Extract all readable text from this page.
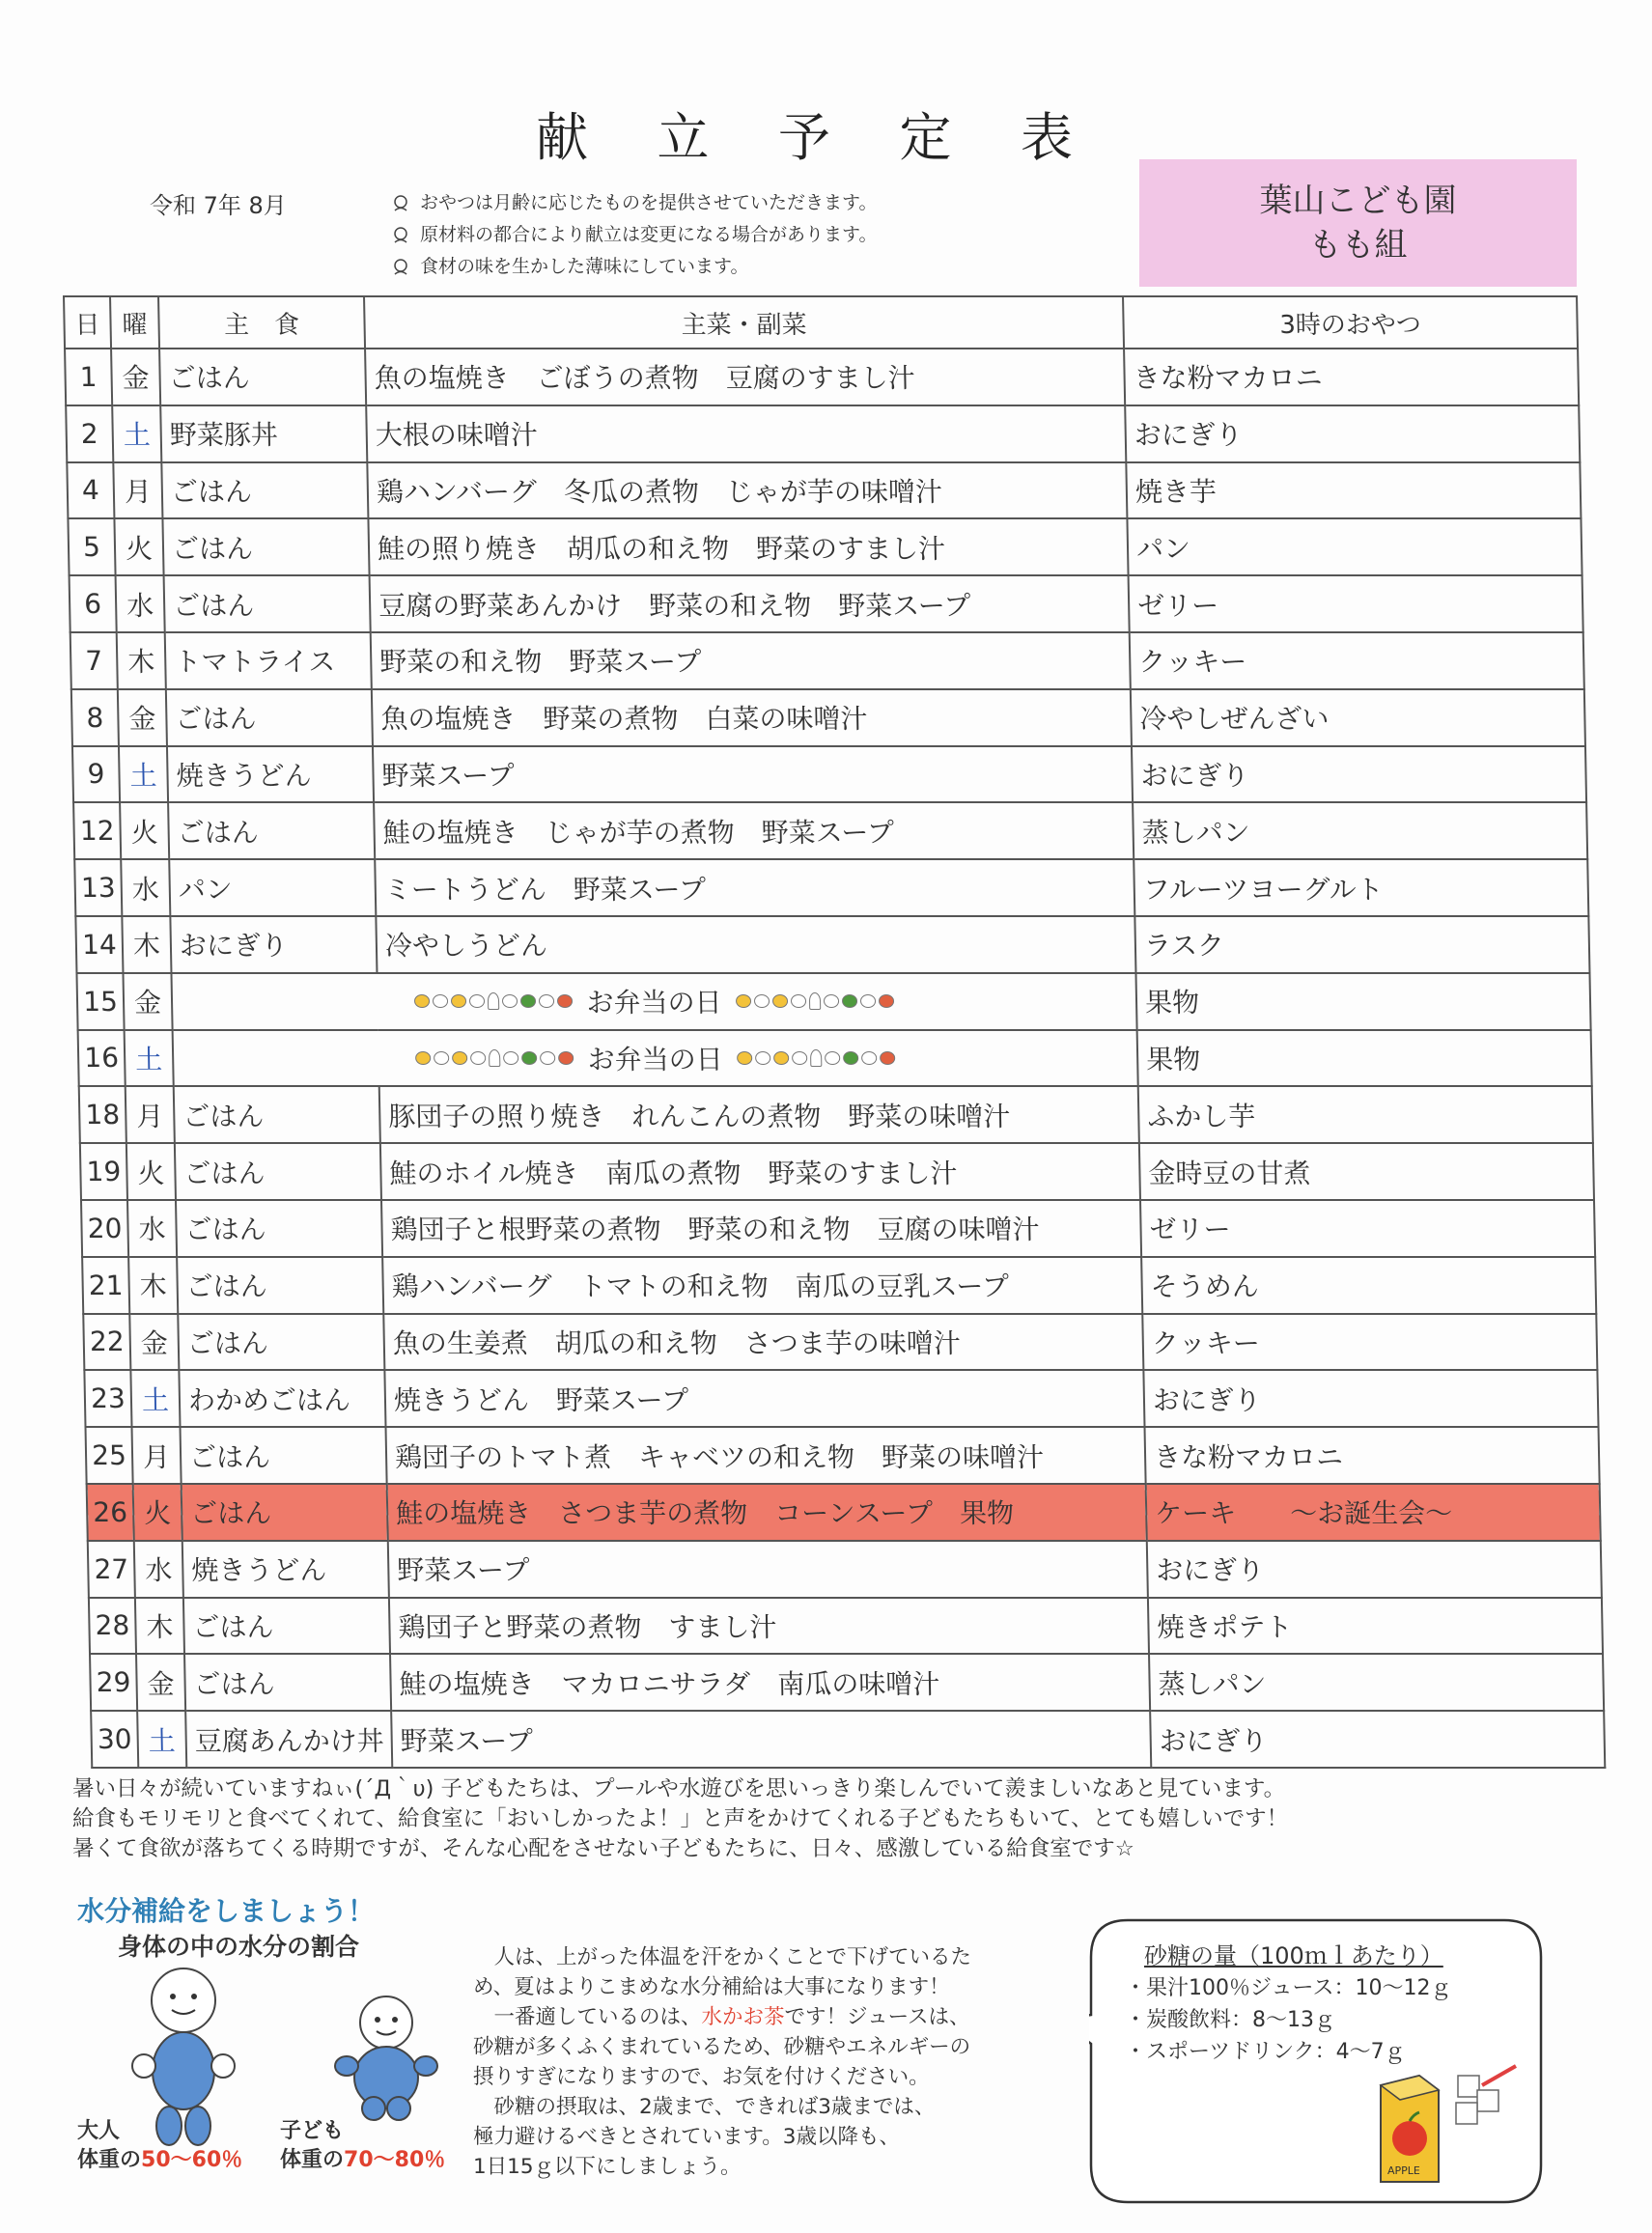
献 立 予 定 表
令和 7年 8月	おやつは月齢に応じたものを提供させていただきます。
原材料の都合により献立は変更になる場合があります。
食材の味を生かした薄味にしています。
葉山こども園
もも組
日	曜	主　食	主菜・副菜	3時のおやつ
1	金	ごはん	魚の塩焼き　ごぼうの煮物　豆腐のすまし汁	きな粉マカロニ
2	土	野菜豚丼	大根の味噌汁	おにぎり
4	月	ごはん	鶏ハンバーグ　冬瓜の煮物　じゃが芋の味噌汁	焼き芋
5	火	ごはん	鮭の照り焼き　胡瓜の和え物　野菜のすまし汁	パン
6	水	ごはん	豆腐の野菜あんかけ　野菜の和え物　野菜スープ	ゼリー
7	木	トマトライス	野菜の和え物　野菜スープ	クッキー
8	金	ごはん	魚の塩焼き　野菜の煮物　白菜の味噌汁	冷やしぜんざい
9	土	焼きうどん	野菜スープ	おにぎり
12	火	ごはん	鮭の塩焼き　じゃが芋の煮物　野菜スープ	蒸しパン
13	水	パン	ミートうどん　野菜スープ	フルーツヨーグルト
14	木	おにぎり	冷やしうどん	ラスク
15	金	お弁当の日		果物
16	土	お弁当の日		果物
18	月	ごはん	豚団子の照り焼き　れんこんの煮物　野菜の味噌汁	ふかし芋
19	火	ごはん	鮭のホイル焼き　南瓜の煮物　野菜のすまし汁	金時豆の甘煮
20	水	ごはん	鶏団子と根野菜の煮物　野菜の和え物　豆腐の味噌汁	ゼリー
21	木	ごはん	鶏ハンバーグ　トマトの和え物　南瓜の豆乳スープ	そうめん
22	金	ごはん	魚の生姜煮　胡瓜の和え物　さつま芋の味噌汁	クッキー
23	土	わかめごはん	焼きうどん　野菜スープ	おにぎり
25	月	ごはん	鶏団子のトマト煮　キャベツの和え物　野菜の味噌汁	きな粉マカロニ
26	火	ごはん	鮭の塩焼き　さつま芋の煮物　コーンスープ　果物	ケーキ　　～お誕生会～
27	水	焼きうどん	野菜スープ	おにぎり
28	木	ごはん	鶏団子と野菜の煮物　すまし汁	焼きポテト
29	金	ごはん	鮭の塩焼き　マカロニサラダ　南瓜の味噌汁	蒸しパン
30	土	豆腐あんかけ丼	野菜スープ	おにぎり
暑い日々が続いていますねぃ(´Д｀υ) 子どもたちは、プールや水遊びを思いっきり楽しんでいて羨ましいなあと見ています。
給食もモリモリと食べてくれて、給食室に「おいしかったよ！」と声をかけてくれる子どもたちもいて、とても嬉しいです！
暑くて食欲が落ちてくる時期ですが、そんな心配をさせない子どもたちに、日々、感激している給食室です☆
水分補給をしましょう！
身体の中の水分の割合
大人
体重の50～60％
子ども
体重の70～80％
　人は、上がった体温を汗をかくことで下げているた
め、夏はよりこまめな水分補給は大事になります！
　一番適しているのは、水かお茶です！ジュースは、
砂糖が多くふくまれているため、砂糖やエネルギーの
摂りすぎになりますので、お気を付けください。
　砂糖の摂取は、2歳まで、できれば3歳までは、
極力避けるべきとされています。3歳以降も、
1日15ｇ以下にしましょう。
砂糖の量（100ｍｌあたり）
・果汁100％ジュース：10～12ｇ
・炭酸飲料：8～13ｇ
・スポーツドリンク：4～7ｇ
APPLE
